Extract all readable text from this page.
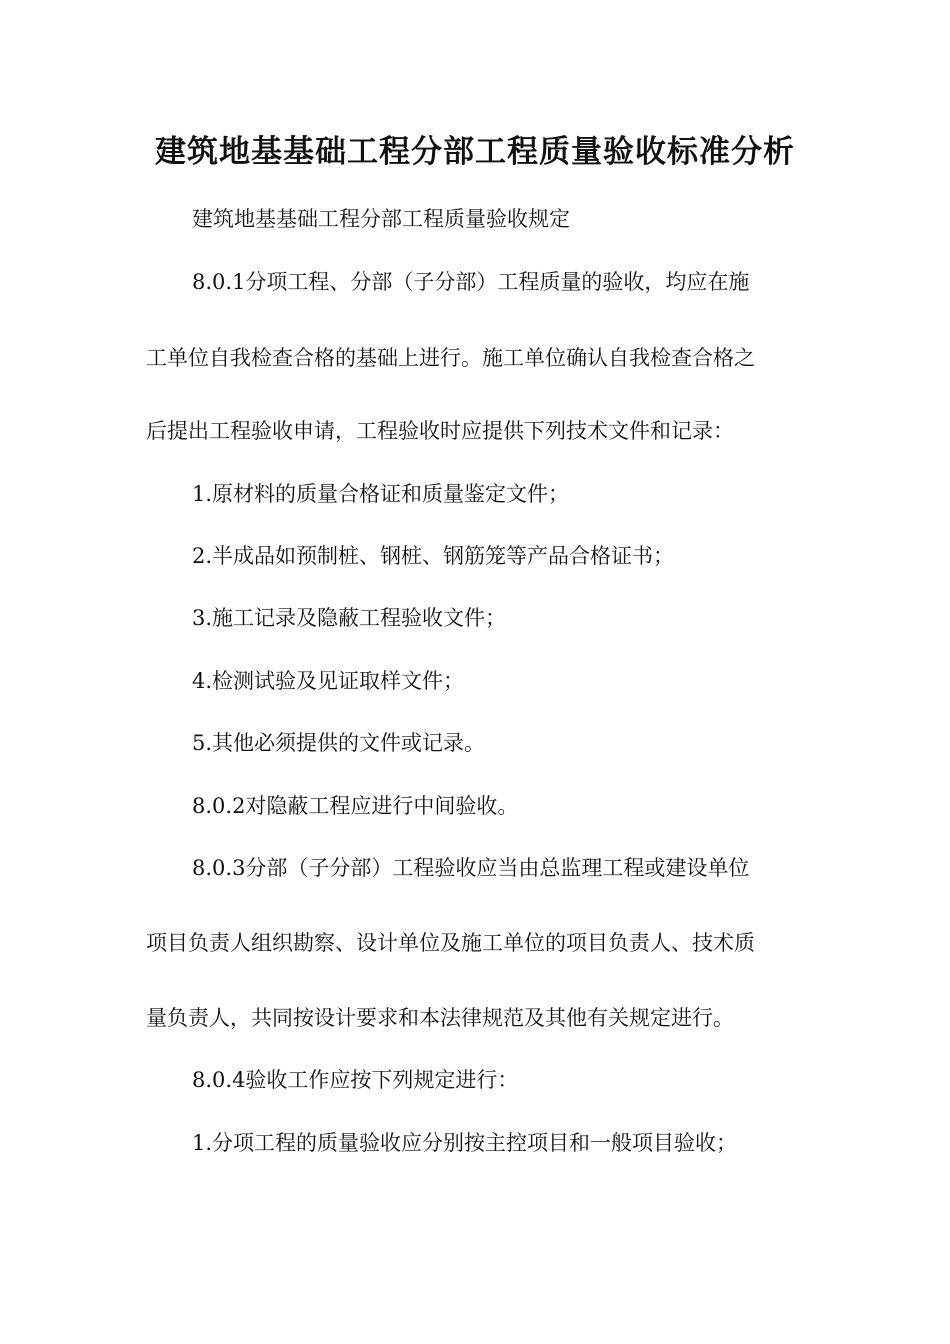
建筑地基基础工程分部工程质量验收标准分析
建筑地基基础工程分部工程质量验收规定
8.0.1分项工程、分部（子分部）工程质量的验收，均应在施
工单位自我检查合格的基础上进行。施工单位确认自我检查合格之
后提出工程验收申请，工程验收时应提供下列技术文件和记录：
1.原材料的质量合格证和质量鉴定文件；
2.半成品如预制桩、钢桩、钢筋笼等产品合格证书；
3.施工记录及隐蔽工程验收文件；
4.检测试验及见证取样文件；
5.其他必须提供的文件或记录。
8.0.2对隐蔽工程应进行中间验收。
8.0.3分部（子分部）工程验收应当由总监理工程或建设单位
项目负责人组织勘察、设计单位及施工单位的项目负责人、技术质
量负责人，共同按设计要求和本法律规范及其他有关规定进行。
8.0.4验收工作应按下列规定进行：
1.分项工程的质量验收应分别按主控项目和一般项目验收；
